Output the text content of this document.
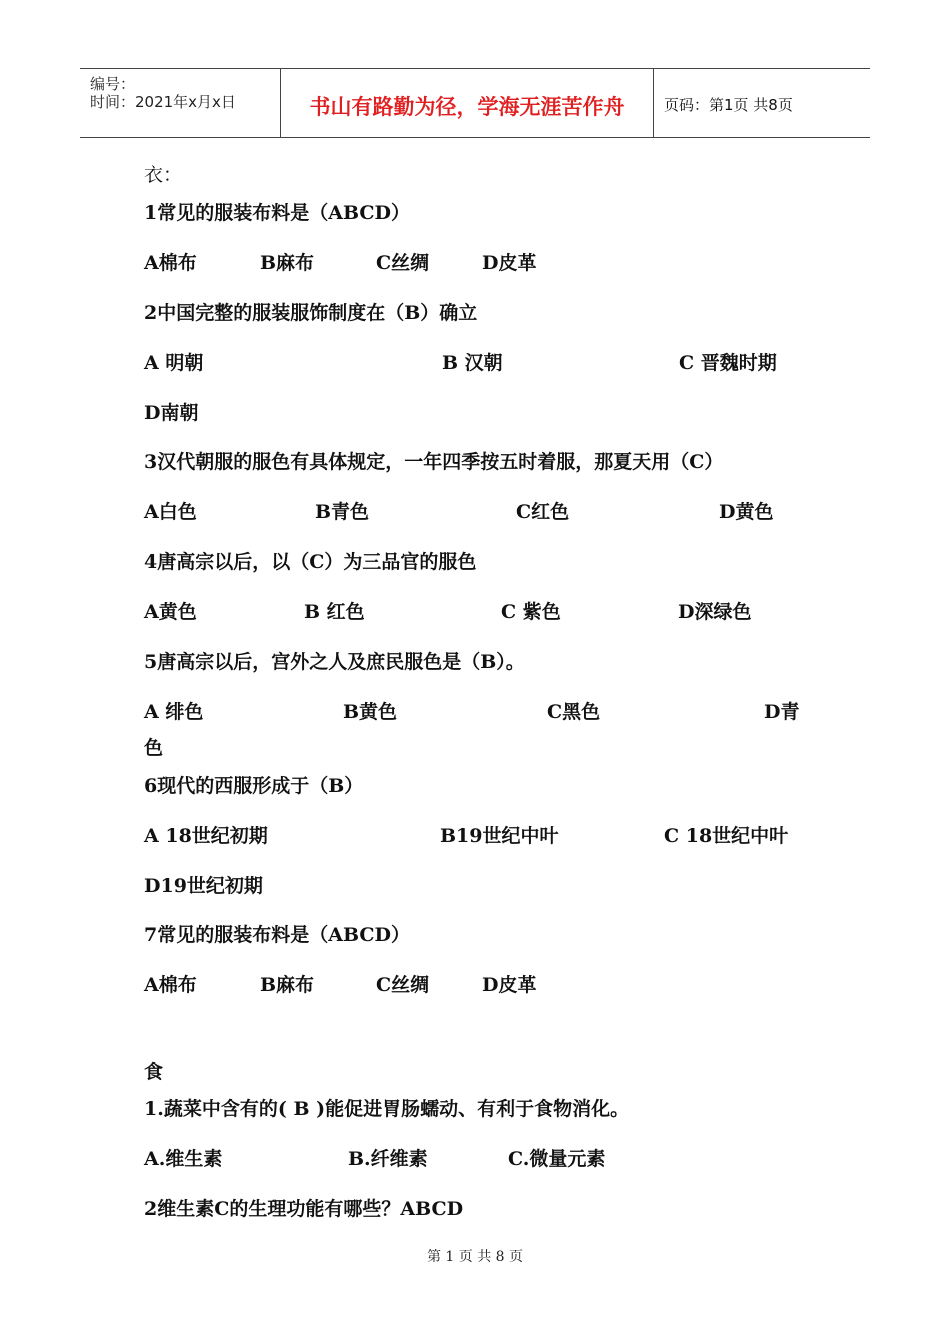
编号：
时间：2021年x月x日	书山有路勤为径，学海无涯苦作舟	页码：第1页 共8页
衣：
1常见的服装布料是（ABCD）
A棉布	B麻布	C丝绸	D皮革
2中国完整的服装服饰制度在（B）确立
A 明朝	B 汉朝	C 晋魏时期
D南朝
3汉代朝服的服色有具体规定，一年四季按五时着服，那夏天用（C）
A白色	B青色	C红色	D黄色
4唐高宗以后，以（C）为三品官的服色
A黄色	B 红色	C 紫色	D深绿色
5唐高宗以后，宫外之人及庶民服色是（B）。
A 绯色	B黄色	C黑色	D青
色
6现代的西服形成于（B）
A 18世纪初期	B19世纪中叶	C 18世纪中叶
D19世纪初期
7常见的服装布料是（ABCD）
A棉布	B麻布	C丝绸	D皮革
食
1.蔬菜中含有的( B )能促进胃肠蠕动、有利于食物消化。
A.维生素	B.纤维素	C.微量元素
2维生素C的生理功能有哪些？ABCD
第 1 页 共 8 页
